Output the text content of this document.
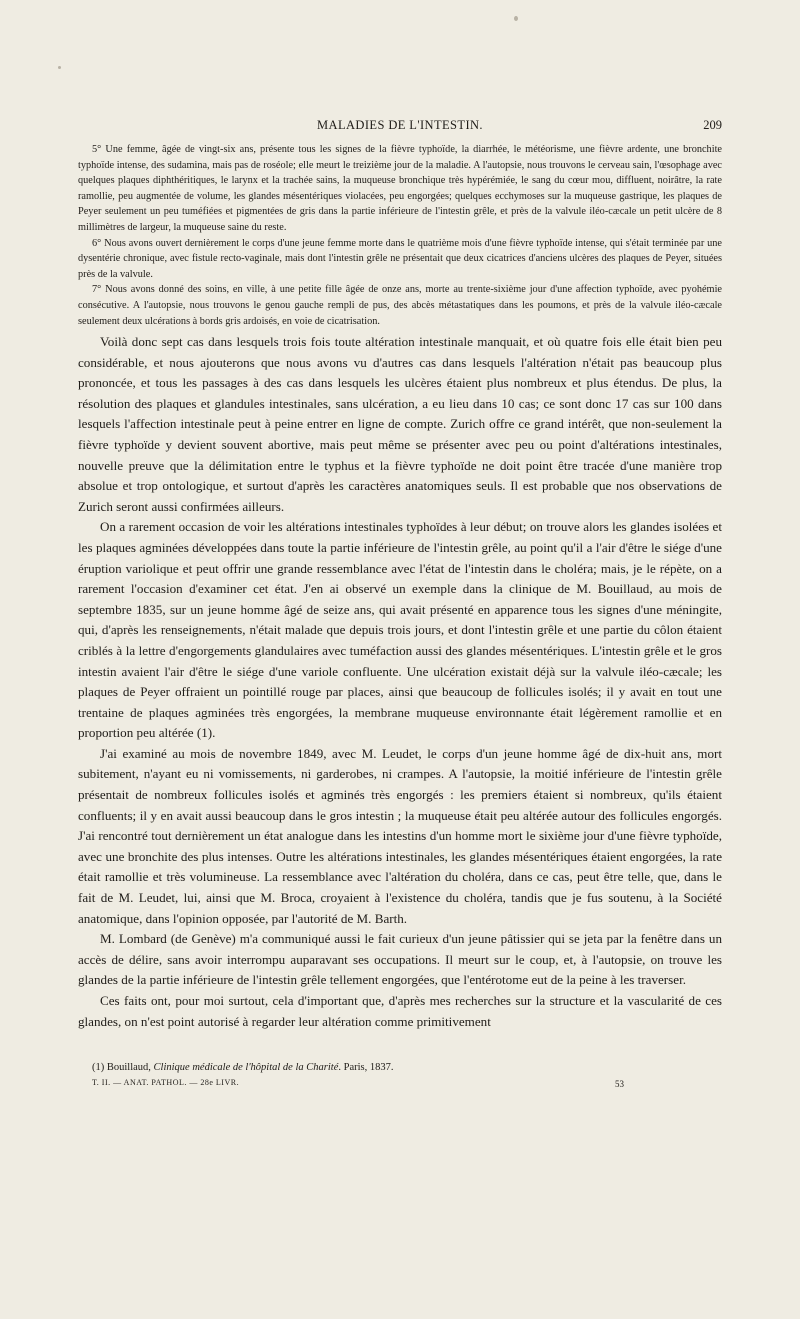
MALADIES DE L'INTESTIN.	209

5° Une femme, âgée de vingt-six ans, présente tous les signes de la fièvre typhoïde, la diarrhée, le météorisme, une fièvre ardente, une bronchite typhoïde intense, des sudamina, mais pas de roséole; elle meurt le treizième jour de la maladie. A l'autopsie, nous trouvons le cerveau sain, l'œsophage avec quelques plaques diphthéritiques, le larynx et la trachée sains, la muqueuse bronchique très hypérémiée, le sang du cœur mou, diffluent, noirâtre, la rate ramollie, peu augmentée de volume, les glandes mésentériques violacées, peu engorgées; quelques ecchymoses sur la muqueuse gastrique, les plaques de Peyer seulement un peu tuméfiées et pigmentées de gris dans la partie inférieure de l'intestin grêle, et près de la valvule iléo-cæcale un petit ulcère de 8 millimètres de largeur, la muqueuse saine du reste.

6° Nous avons ouvert dernièrement le corps d'une jeune femme morte dans le quatrième mois d'une fièvre typhoïde intense, qui s'était terminée par une dysentérie chronique, avec fistule recto-vaginale, mais dont l'intestin grêle ne présentait que deux cicatrices d'anciens ulcères des plaques de Peyer, situées près de la valvule.

7° Nous avons donné des soins, en ville, à une petite fille âgée de onze ans, morte au trente-sixième jour d'une affection typhoïde, avec pyohémie consécutive. A l'autopsie, nous trouvons le genou gauche rempli de pus, des abcès métastatiques dans les poumons, et près de la valvule iléo-cæcale seulement deux ulcérations à bords gris ardoisés, en voie de cicatrisation.

Voilà donc sept cas dans lesquels trois fois toute altération intestinale manquait, et où quatre fois elle était bien peu considérable, et nous ajouterons que nous avons vu d'autres cas dans lesquels l'altération n'était pas beaucoup plus prononcée, et tous les passages à des cas dans lesquels les ulcères étaient plus nombreux et plus étendus. De plus, la résolution des plaques et glandules intestinales, sans ulcération, a eu lieu dans 10 cas; ce sont donc 17 cas sur 100 dans lesquels l'affection intestinale peut à peine entrer en ligne de compte. Zurich offre ce grand intérêt, que non-seulement la fièvre typhoïde y devient souvent abortive, mais peut même se présenter avec peu ou point d'altérations intestinales, nouvelle preuve que la délimitation entre le typhus et la fièvre typhoïde ne doit point être tracée d'une manière trop absolue et trop ontologique, et surtout d'après les caractères anatomiques seuls. Il est probable que nos observations de Zurich seront aussi confirmées ailleurs.

On a rarement occasion de voir les altérations intestinales typhoïdes à leur début; on trouve alors les glandes isolées et les plaques agminées développées dans toute la partie inférieure de l'intestin grêle, au point qu'il a l'air d'être le siége d'une éruption variolique et peut offrir une grande ressemblance avec l'état de l'intestin dans le choléra; mais, je le répète, on a rarement l'occasion d'examiner cet état. J'en ai observé un exemple dans la clinique de M. Bouillaud, au mois de septembre 1835, sur un jeune homme âgé de seize ans, qui avait présenté en apparence tous les signes d'une méningite, qui, d'après les renseignements, n'était malade que depuis trois jours, et dont l'intestin grêle et une partie du côlon étaient criblés à la lettre d'engorgements glandulaires avec tuméfaction aussi des glandes mésentériques. L'intestin grêle et le gros intestin avaient l'air d'être le siége d'une variole confluente. Une ulcération existait déjà sur la valvule iléo-cæcale; les plaques de Peyer offraient un pointillé rouge par places, ainsi que beaucoup de follicules isolés; il y avait en tout une trentaine de plaques agminées très engorgées, la membrane muqueuse environnante était légèrement ramollie et en proportion peu altérée (1).

J'ai examiné au mois de novembre 1849, avec M. Leudet, le corps d'un jeune homme âgé de dix-huit ans, mort subitement, n'ayant eu ni vomissements, ni garderobes, ni crampes. A l'autopsie, la moitié inférieure de l'intestin grêle présentait de nombreux follicules isolés et agminés très engorgés : les premiers étaient si nombreux, qu'ils étaient confluents; il y en avait aussi beaucoup dans le gros intestin ; la muqueuse était peu altérée autour des follicules engorgés. J'ai rencontré tout dernièrement un état analogue dans les intestins d'un homme mort le sixième jour d'une fièvre typhoïde, avec une bronchite des plus intenses. Outre les altérations intestinales, les glandes mésentériques étaient engorgées, la rate était ramollie et très volumineuse. La ressemblance avec l'altération du choléra, dans ce cas, peut être telle, que, dans le fait de M. Leudet, lui, ainsi que M. Broca, croyaient à l'existence du choléra, tandis que je fus soutenu, à la Société anatomique, dans l'opinion opposée, par l'autorité de M. Barth.

M. Lombard (de Genève) m'a communiqué aussi le fait curieux d'un jeune pâtissier qui se jeta par la fenêtre dans un accès de délire, sans avoir interrompu auparavant ses occupations. Il meurt sur le coup, et, à l'autopsie, on trouve les glandes de la partie inférieure de l'intestin grêle tellement engorgées, que l'entérotome eut de la peine à les traverser.

Ces faits ont, pour moi surtout, cela d'important que, d'après mes recherches sur la structure et la vascularité de ces glandes, on n'est point autorisé à regarder leur altération comme primitivement

(1) Bouillaud, Clinique médicale de l'hôpital de la Charité. Paris, 1837.

T. II. — ANAT. PATHOL. — 28e LIVR.	53
